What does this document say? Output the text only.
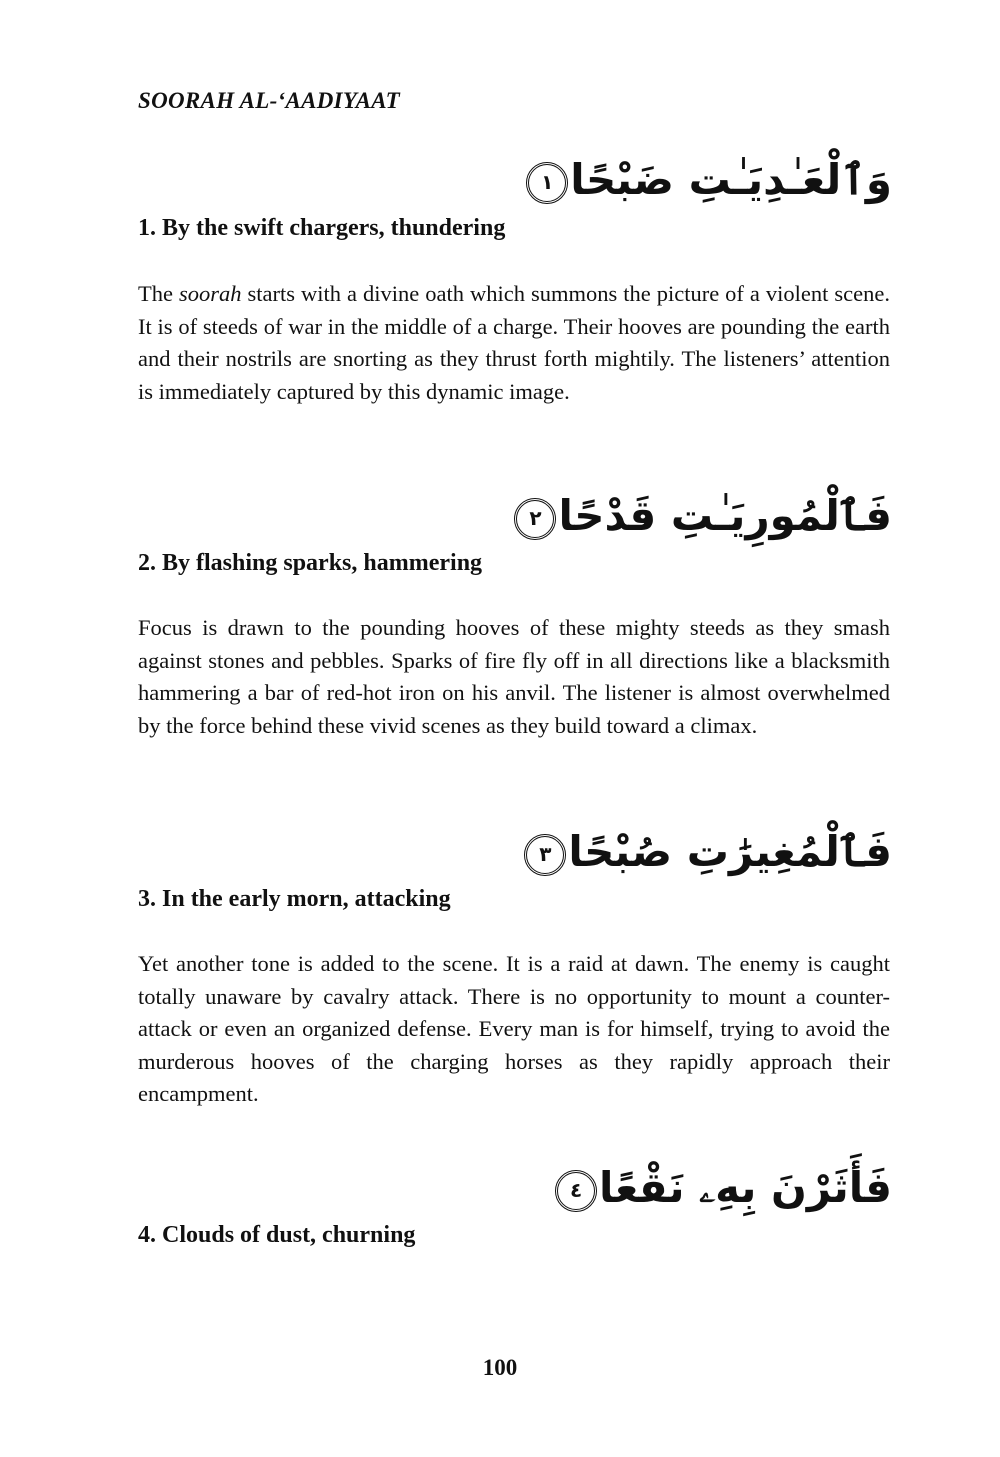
SOORAH AL-‘AADIYAAT
وَٱلْعَـٰدِيَـٰتِ ضَبْحًا١
1. By the swift chargers, thundering

The soorah starts with a divine oath which summons the picture of a violent scene. It is of steeds of war in the middle of a charge. Their hooves are pounding the earth and their nostrils are snorting as they thrust forth mightily. The listeners’ attention is immediately captured by this dynamic image.

فَٱلْمُورِيَـٰتِ قَدْحًا٢
2. By flashing sparks, hammering

Focus is drawn to the pounding hooves of these mighty steeds as they smash against stones and pebbles. Sparks of fire fly off in all directions like a blacksmith hammering a bar of red-hot iron on his anvil. The listener is almost overwhelmed by the force behind these vivid scenes as they build toward a climax.

فَٱلْمُغِيرَٰتِ صُبْحًا٣
3. In the early morn, attacking

Yet another tone is added to the scene. It is a raid at dawn. The enemy is caught totally unaware by cavalry attack. There is no opportunity to mount a counter-attack or even an organized defense. Every man is for himself, trying to avoid the murderous hooves of the charging horses as they rapidly approach their encampment.

فَأَثَرْنَ بِهِۦ نَقْعًا٤
4. Clouds of dust, churning
100
